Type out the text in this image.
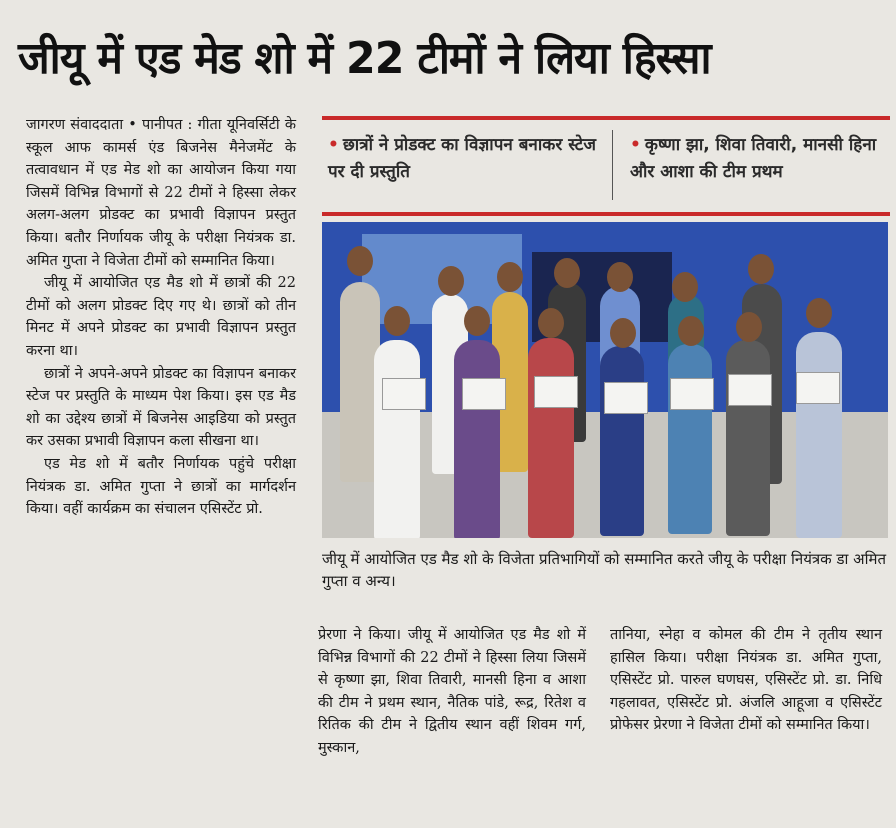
जीयू में एड मेड शो में 22 टीमों ने लिया हिस्सा

जागरण संवाददाता • पानीपत : गीता यूनिवर्सिटी के स्कूल आफ कामर्स एंड बिजनेस मैनेजमेंट के तत्वावधान में एड मेड शो का आयोजन किया गया जिसमें विभिन्न विभागों से 22 टीमों ने हिस्सा लेकर अलग-अलग प्रोडक्ट का प्रभावी विज्ञापन प्रस्तुत किया। बतौर निर्णायक जीयू के परीक्षा नियंत्रक डा. अमित गुप्ता ने विजेता टीमों को सम्मानित किया।

जीयू में आयोजित एड मैड शो में छात्रों की 22 टीमों को अलग प्रोडक्ट दिए गए थे। छात्रों को तीन मिनट में अपने प्रोडक्ट का प्रभावी विज्ञापन प्रस्तुत करना था।

छात्रों ने अपने-अपने प्रोडक्ट का विज्ञापन बनाकर स्टेज पर प्रस्तुति के माध्यम पेश किया। इस एड मैड शो का उद्देश्य छात्रों में बिजनेस आइडिया को प्रस्तुत कर उसका प्रभावी विज्ञापन कला सीखना था।

एड मेड शो में बतौर निर्णायक पहुंचे परीक्षा नियंत्रक डा. अमित गुप्ता ने छात्रों का मार्गदर्शन किया। वहीं कार्यक्रम का संचालन एसिस्टेंट प्रो.

• छात्रों ने प्रोडक्ट का विज्ञापन बनाकर स्टेज पर दी प्रस्तुति
• कृष्णा झा, शिवा तिवारी, मानसी हिना और आशा की टीम प्रथम
जीयू में आयोजित एड मैड शो के विजेता प्रतिभागियों को सम्मानित करते जीयू के परीक्षा नियंत्रक डा अमित गुप्ता व अन्य।

प्रेरणा ने किया। जीयू में आयोजित एड मैड शो में विभिन्न विभागों की 22 टीमों ने हिस्सा लिया जिसमें से कृष्णा झा, शिवा तिवारी, मानसी हिना व आशा की टीम ने प्रथम स्थान, नैतिक पांडे, रूद्र, रितेश व रितिक की टीम ने द्वितीय स्थान वहीं शिवम गर्ग, मुस्कान,

तानिया, स्नेहा व कोमल की टीम ने तृतीय स्थान हासिल किया। परीक्षा नियंत्रक डा. अमित गुप्ता, एसिस्टेंट प्रो. पारुल घणघस, एसिस्टेंट प्रो. डा. निधि गहलावत, एसिस्टेंट प्रो. अंजलि आहूजा व एसिस्टेंट प्रोफेसर प्रेरणा ने विजेता टीमों को सम्मानित किया।
